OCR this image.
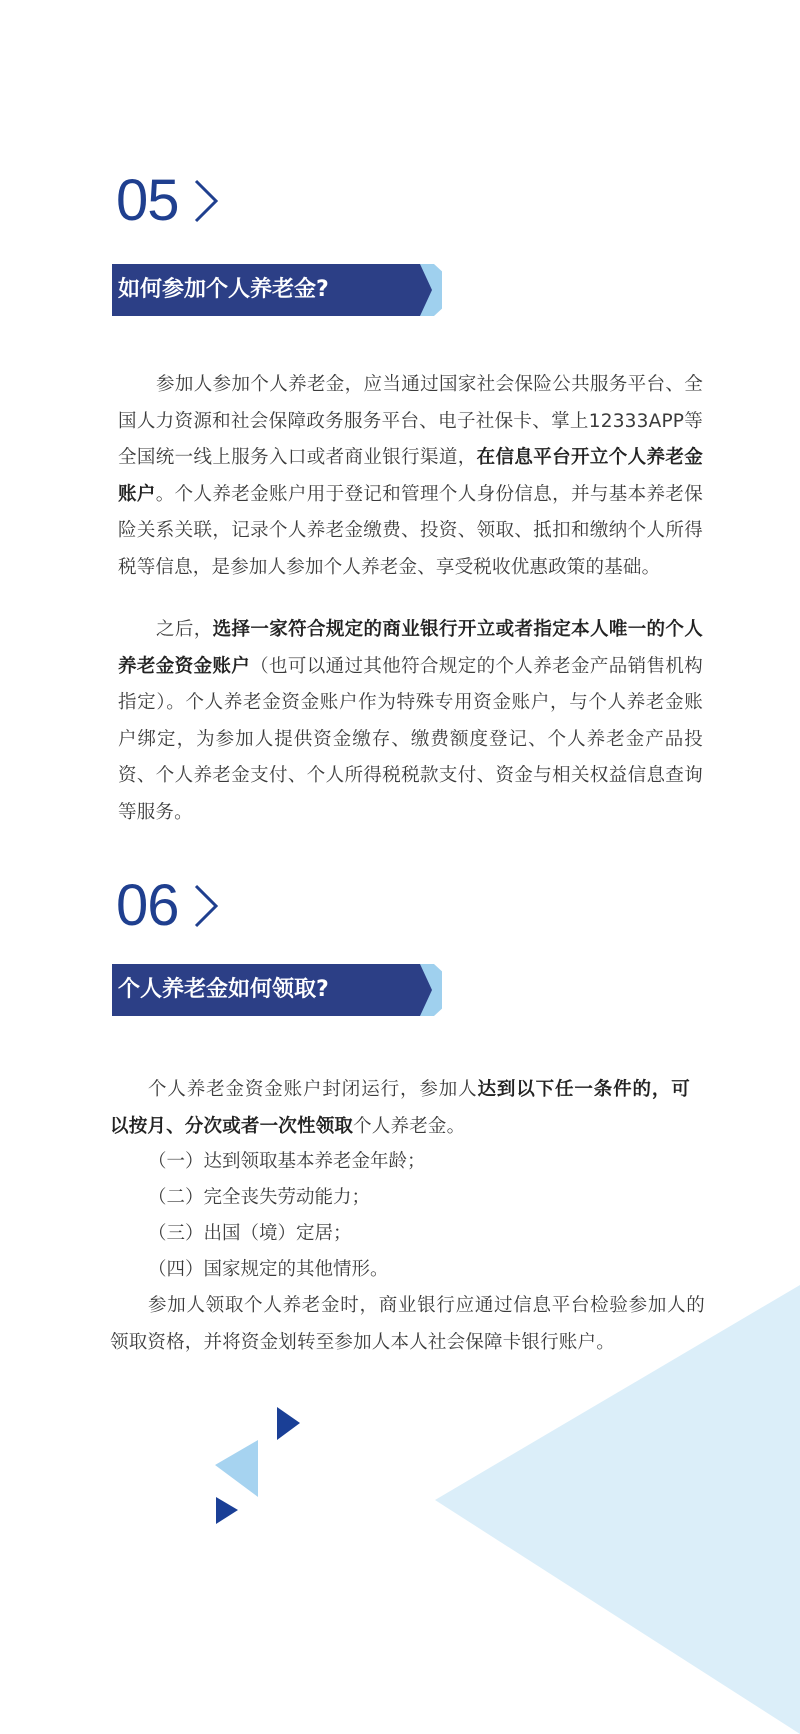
05
如何参加个人养老金?
参加人参加个人养老金，应当通过国家社会保险公共服务平台、全国人力资源和社会保障政务服务平台、电子社保卡、掌上12333APP等全国统一线上服务入口或者商业银行渠道，在信息平台开立个人养老金账户。个人养老金账户用于登记和管理个人身份信息，并与基本养老保险关系关联，记录个人养老金缴费、投资、领取、抵扣和缴纳个人所得税等信息，是参加人参加个人养老金、享受税收优惠政策的基础。
之后，选择一家符合规定的商业银行开立或者指定本人唯一的个人养老金资金账户（也可以通过其他符合规定的个人养老金产品销售机构指定）。个人养老金资金账户作为特殊专用资金账户，与个人养老金账户绑定，为参加人提供资金缴存、缴费额度登记、个人养老金产品投资、个人养老金支付、个人所得税税款支付、资金与相关权益信息查询等服务。
06
个人养老金如何领取?
个人养老金资金账户封闭运行，参加人达到以下任一条件的，可以按月、分次或者一次性领取个人养老金。
（一）达到领取基本养老金年龄；
（二）完全丧失劳动能力；
（三）出国（境）定居；
（四）国家规定的其他情形。
参加人领取个人养老金时，商业银行应通过信息平台检验参加人的领取资格，并将资金划转至参加人本人社会保障卡银行账户。
